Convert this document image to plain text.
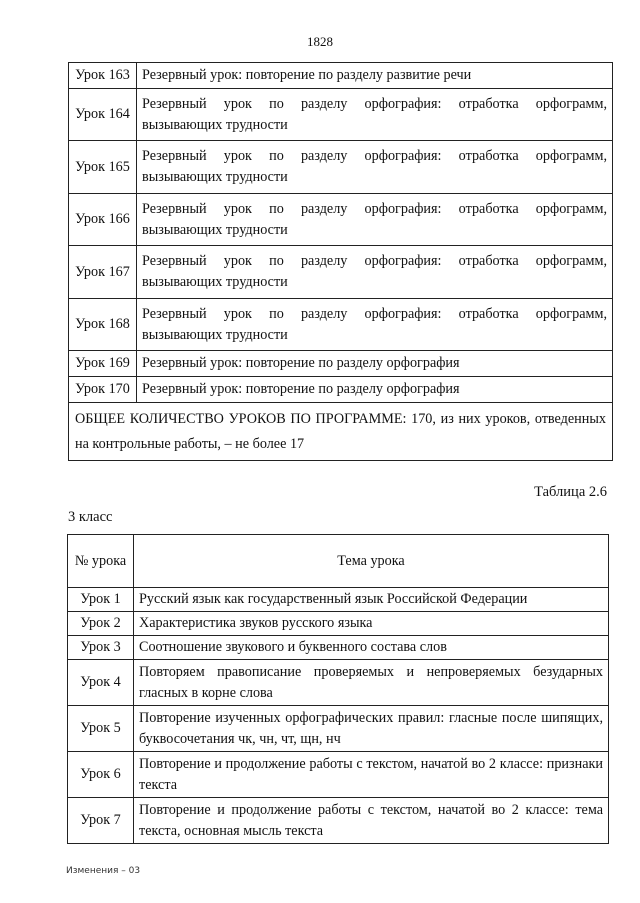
1828
Урок 163	Резервный урок: повторение по разделу развитие речи
Урок 164	Резервный урок по разделу орфография: отработка орфограмм, вызывающих трудности
Урок 165	Резервный урок по разделу орфография: отработка орфограмм, вызывающих трудности
Урок 166	Резервный урок по разделу орфография: отработка орфограмм, вызывающих трудности
Урок 167	Резервный урок по разделу орфография: отработка орфограмм, вызывающих трудности
Урок 168	Резервный урок по разделу орфография: отработка орфограмм, вызывающих трудности
Урок 169	Резервный урок: повторение по разделу орфография
Урок 170	Резервный урок: повторение по разделу орфография
ОБЩЕЕ КОЛИЧЕСТВО УРОКОВ ПО ПРОГРАММЕ: 170, из них уроков, отведенных на контрольные работы, – не более 17	
Таблица 2.6
3 класс
№ урока	Тема урока
Урок 1	Русский язык как государственный язык Российской Федерации
Урок 2	Характеристика звуков русского языка
Урок 3	Соотношение звукового и буквенного состава слов
Урок 4	Повторяем правописание проверяемых и непроверяемых безударных гласных в корне слова
Урок 5	Повторение изученных орфографических правил: гласные после шипящих, буквосочетания чк, чн, чт, щн, нч
Урок 6	Повторение и продолжение работы с текстом, начатой во 2 классе: признаки текста
Урок 7	Повторение и продолжение работы с текстом, начатой во 2 классе: тема текста, основная мысль текста
Изменения – 03
